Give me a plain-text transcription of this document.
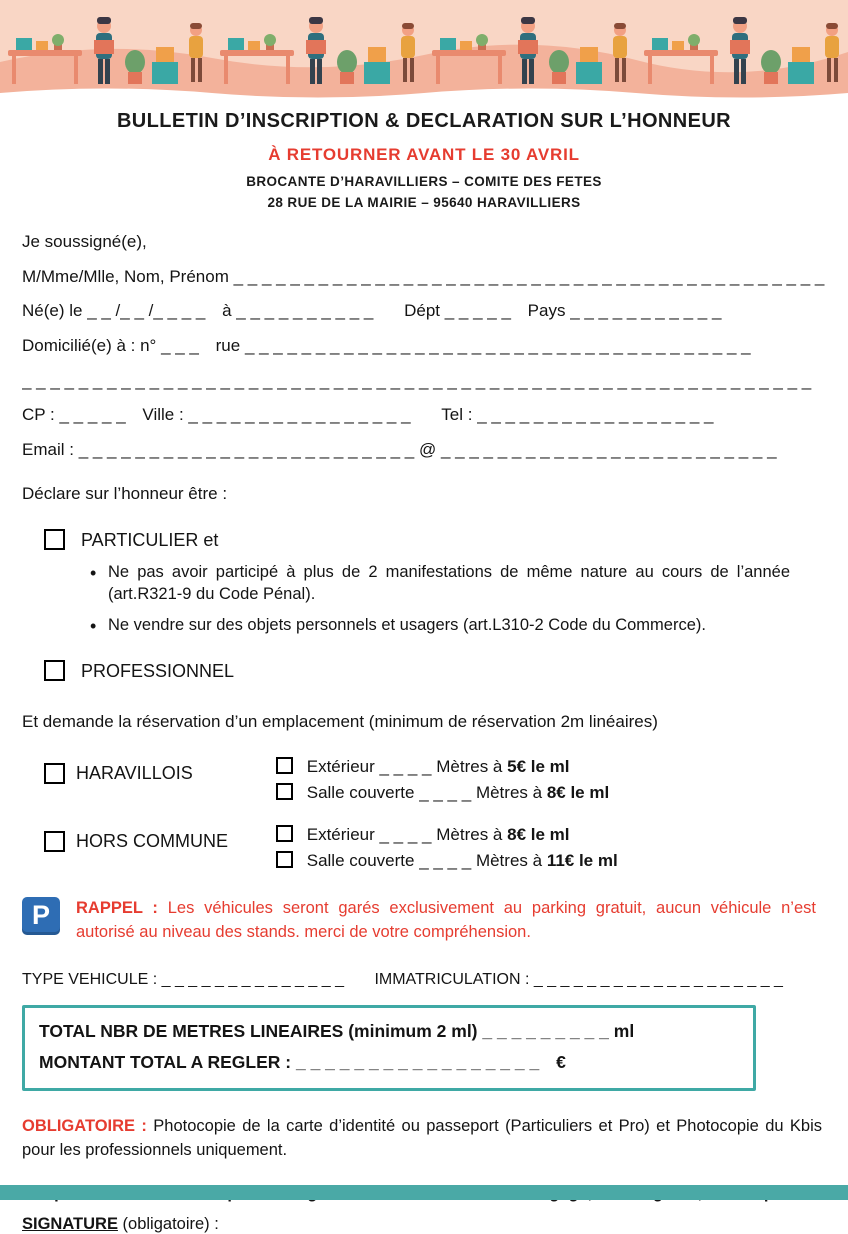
BULLETIN D’INSCRIPTION & DECLARATION SUR L’HONNEUR
À RETOURNER AVANT LE 30 AVRIL
BROCANTE D’HARAVILLIERS – COMITE DES FETES
28 RUE DE LA MAIRIE – 95640 HARAVILLIERS
Je soussigné(e),
M/Mme/Mlle, Nom, Prénom _ _ _ _ _ _ _ _ _ _ _ _ _ _ _ _ _ _ _ _ _ _ _ _ _ _ _ _ _ _ _ _ _ _ _ _ _ _ _ _ _ _
Né(e) le _ _ /_ _ /_ _ _ _ à _ _ _ _ _ _ _ _ _ _ Dépt _ _ _ _ _ Pays _ _ _ _ _ _ _ _ _ _ _
Domicilié(e) à : n° _ _ _ rue _ _ _ _ _ _ _ _ _ _ _ _ _ _ _ _ _ _ _ _ _ _ _ _ _ _ _ _ _ _ _ _ _ _ _ _
_ _ _ _ _ _ _ _ _ _ _ _ _ _ _ _ _ _ _ _ _ _ _ _ _ _ _ _ _ _ _ _ _ _ _ _ _ _ _ _ _ _ _ _ _ _ _ _ _ _ _ _ _ _ _ _
CP : _ _ _ _ _ Ville : _ _ _ _ _ _ _ _ _ _ _ _ _ _ _ _ Tel : _ _ _ _ _ _ _ _ _ _ _ _ _ _ _ _ _
Email : _ _ _ _ _ _ _ _ _ _ _ _ _ _ _ _ _ _ _ _ _ _ _ _ @ _ _ _ _ _ _ _ _ _ _ _ _ _ _ _ _ _ _ _ _ _ _ _ _
Déclare sur l’honneur être :
PARTICULIER et
• Ne pas avoir participé à plus de 2 manifestations de même nature au cours de l’année (art.R321-9 du Code Pénal).
• Ne vendre sur des objets personnels et usagers (art.L310-2 Code du Commerce).
PROFESSIONNEL
Et demande la réservation d’un emplacement (minimum de réservation 2m linéaires)
HARAVILLOIS	Extérieur _ _ _ _ Mètres à 5€ le ml
Salle couverte _ _ _ _ Mètres à 8€ le ml
HORS COMMUNE	Extérieur _ _ _ _ Mètres à 8€ le ml
Salle couverte _ _ _ _ Mètres à 11€ le ml
P	RAPPEL : Les véhicules seront garés exclusivement au parking gratuit, aucun véhicule n’est autorisé au niveau des stands. merci de votre compréhension.
TYPE VEHICULE : _ _ _ _ _ _ _ _ _ _ _ _ _ _ IMMATRICULATION : _ _ _ _ _ _ _ _ _ _ _ _ _ _ _ _ _ _ _
TOTAL NBR DE METRES LINEAIRES (minimum 2 ml) _ _ _ _ _ _ _ _ _ ml
MONTANT TOTAL A REGLER : _ _ _ _ _ _ _ _ _ _ _ _ _ _ _ _ _ €
OBLIGATOIRE : Photocopie de la carte d’identité ou passeport (Particuliers et Pro) et Photocopie du Kbis pour les professionnels uniquement.
SIGNATURE (obligatoire) :
